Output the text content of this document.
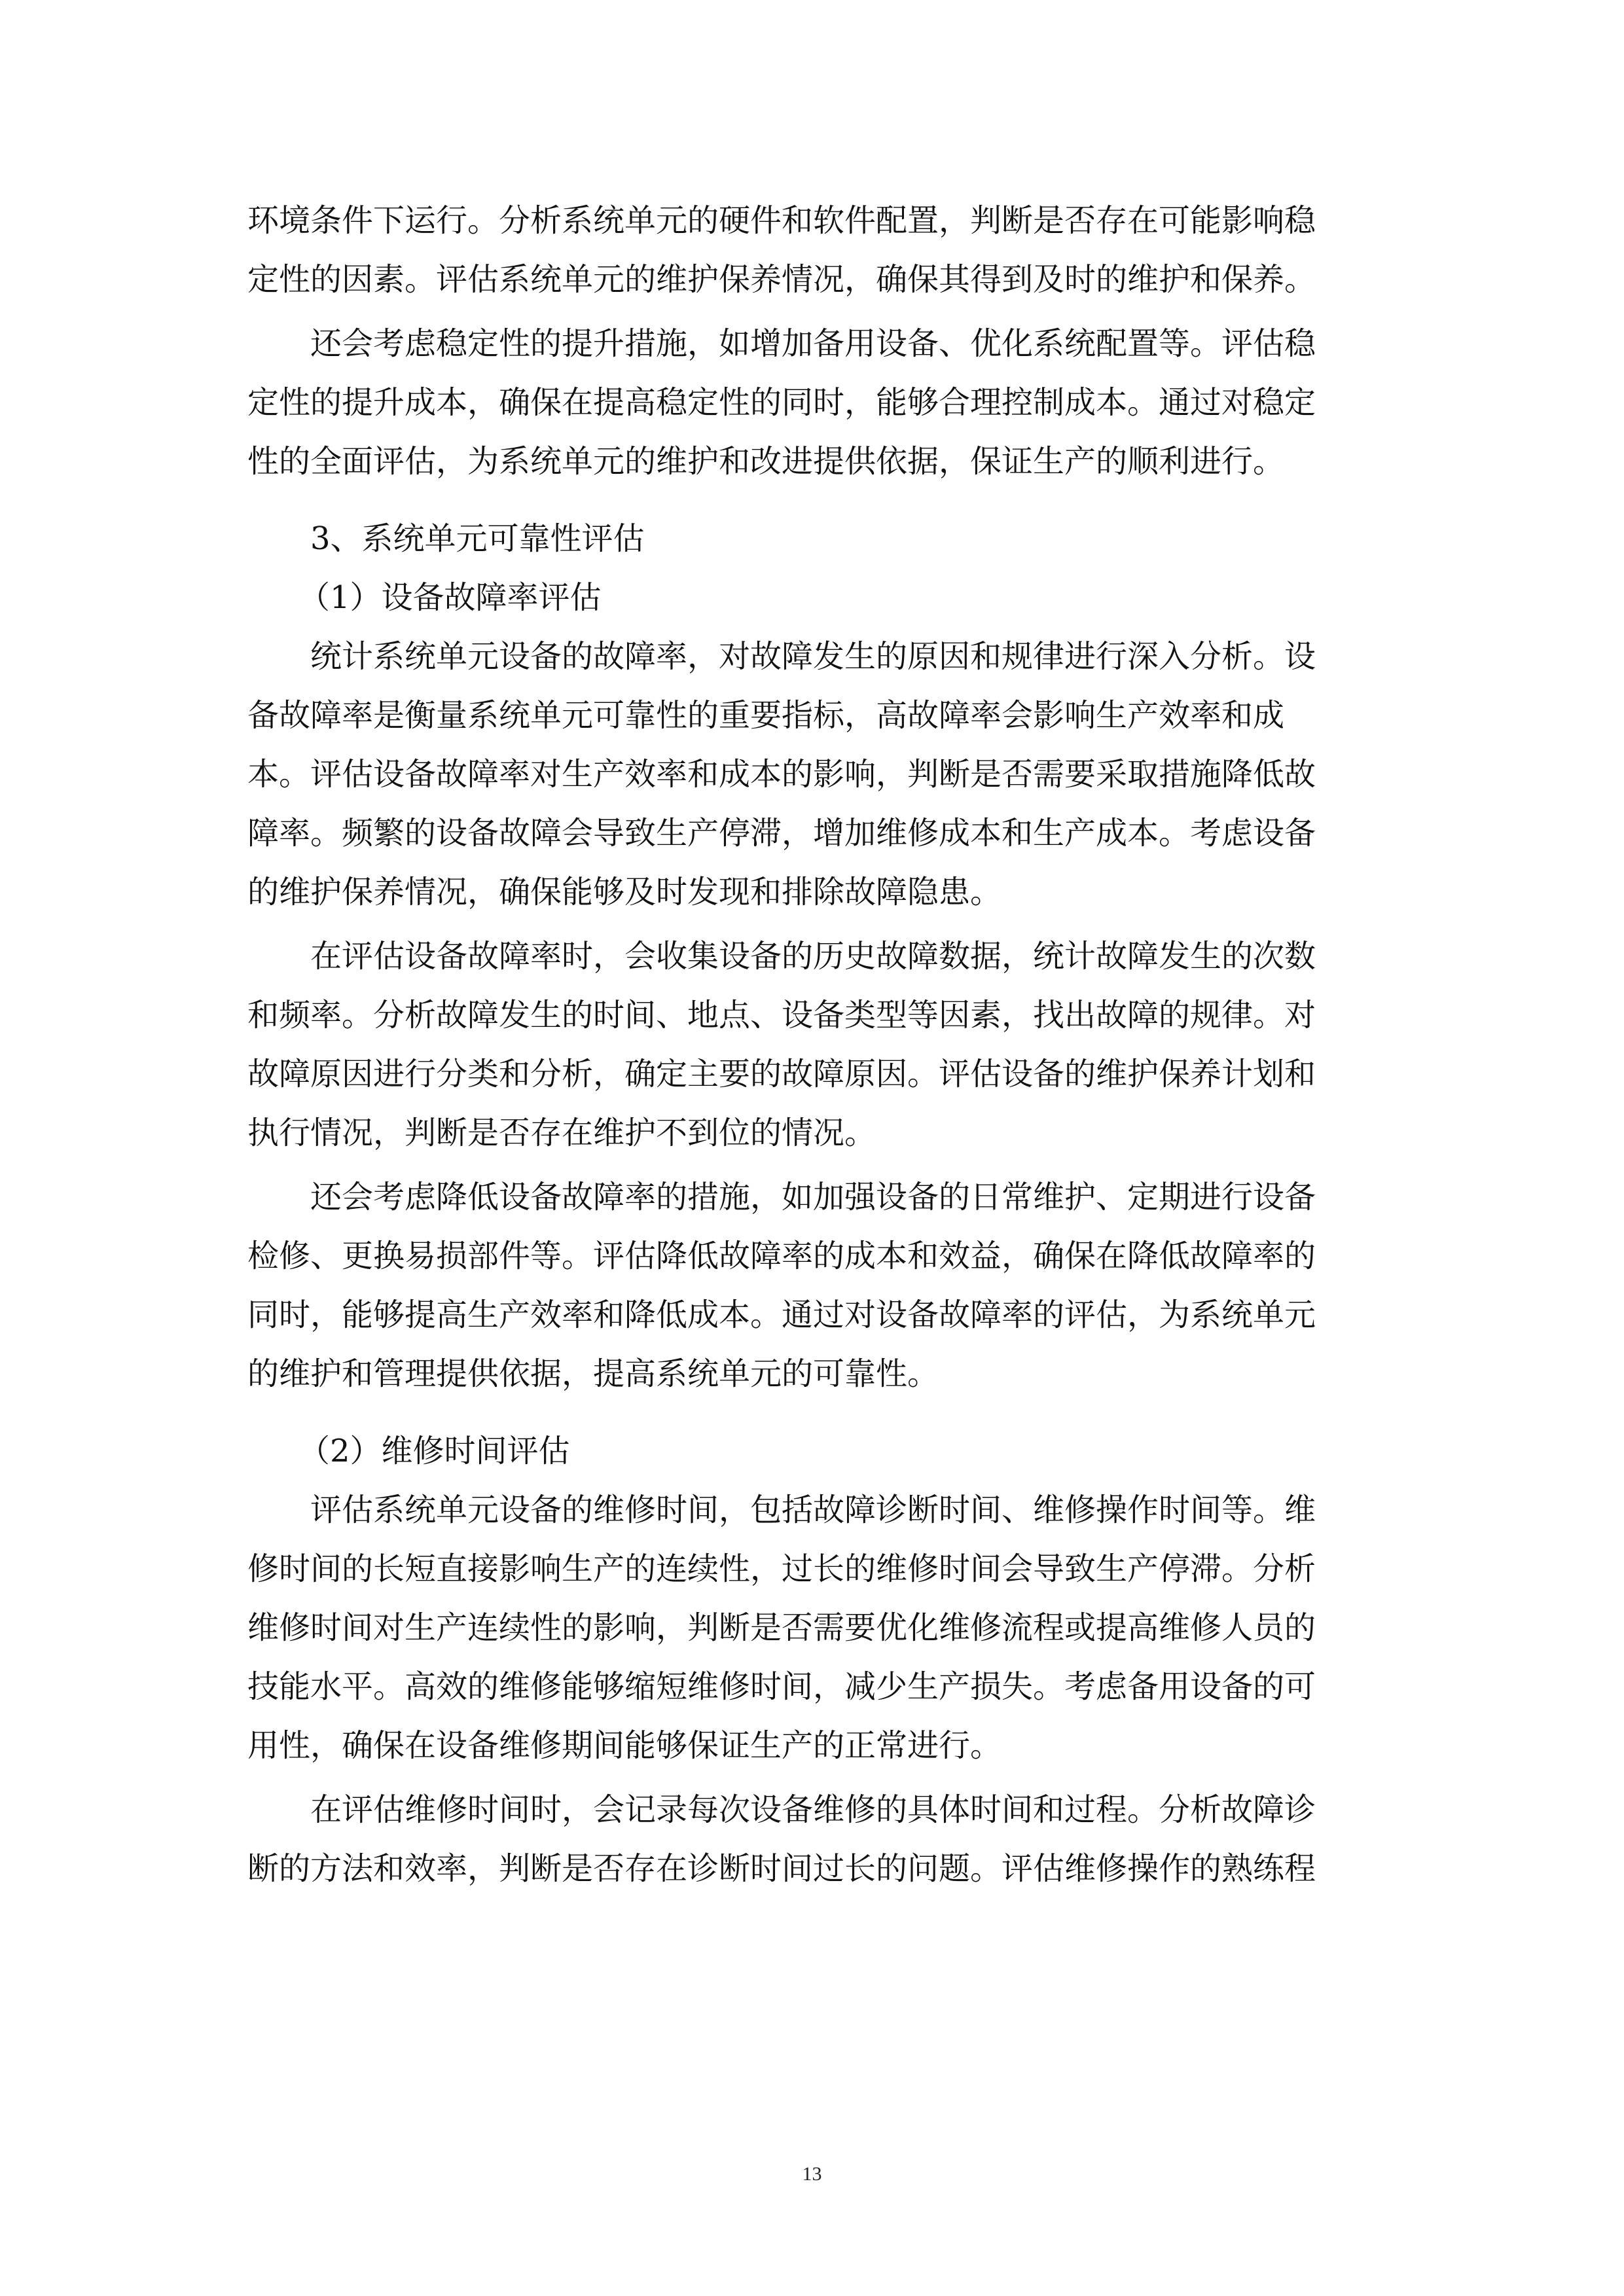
环境条件下运行。分析系统单元的硬件和软件配置，判断是否存在可能影响稳
定性的因素。评估系统单元的维护保养情况，确保其得到及时的维护和保养。

还会考虑稳定性的提升措施，如增加备用设备、优化系统配置等。评估稳
定性的提升成本，确保在提高稳定性的同时，能够合理控制成本。通过对稳定
性的全面评估，为系统单元的维护和改进提供依据，保证生产的顺利进行。

3、系统单元可靠性评估

（1）设备故障率评估

统计系统单元设备的故障率，对故障发生的原因和规律进行深入分析。设
备故障率是衡量系统单元可靠性的重要指标，高故障率会影响生产效率和成
本。评估设备故障率对生产效率和成本的影响，判断是否需要采取措施降低故
障率。频繁的设备故障会导致生产停滞，增加维修成本和生产成本。考虑设备
的维护保养情况，确保能够及时发现和排除故障隐患。

在评估设备故障率时，会收集设备的历史故障数据，统计故障发生的次数
和频率。分析故障发生的时间、地点、设备类型等因素，找出故障的规律。对
故障原因进行分类和分析，确定主要的故障原因。评估设备的维护保养计划和
执行情况，判断是否存在维护不到位的情况。

还会考虑降低设备故障率的措施，如加强设备的日常维护、定期进行设备
检修、更换易损部件等。评估降低故障率的成本和效益，确保在降低故障率的
同时，能够提高生产效率和降低成本。通过对设备故障率的评估，为系统单元
的维护和管理提供依据，提高系统单元的可靠性。

（2）维修时间评估

评估系统单元设备的维修时间，包括故障诊断时间、维修操作时间等。维
修时间的长短直接影响生产的连续性，过长的维修时间会导致生产停滞。分析
维修时间对生产连续性的影响，判断是否需要优化维修流程或提高维修人员的
技能水平。高效的维修能够缩短维修时间，减少生产损失。考虑备用设备的可
用性，确保在设备维修期间能够保证生产的正常进行。

在评估维修时间时，会记录每次设备维修的具体时间和过程。分析故障诊
断的方法和效率，判断是否存在诊断时间过长的问题。评估维修操作的熟练程

13
